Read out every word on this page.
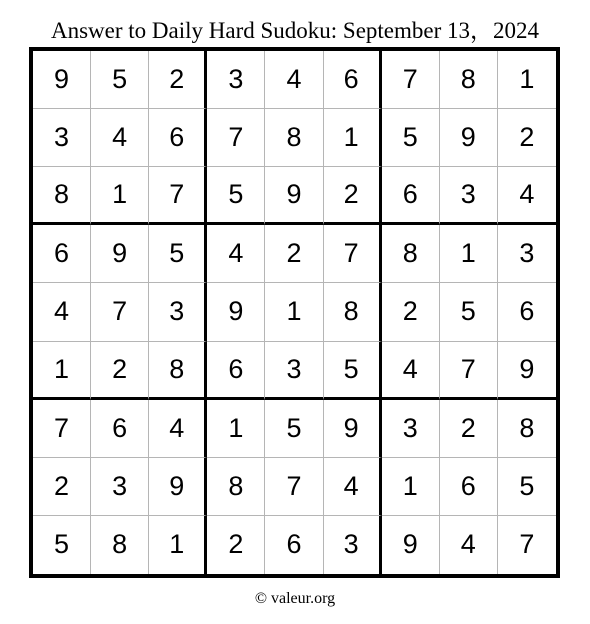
Answer to Daily Hard Sudoku: September 13，2024
9	5	2	3	4	6	7	8	1
3	4	6	7	8	1	5	9	2
8	1	7	5	9	2	6	3	4
6	9	5	4	2	7	8	1	3
4	7	3	9	1	8	2	5	6
1	2	8	6	3	5	4	7	9
7	6	4	1	5	9	3	2	8
2	3	9	8	7	4	1	6	5
5	8	1	2	6	3	9	4	7
© valeur.org
